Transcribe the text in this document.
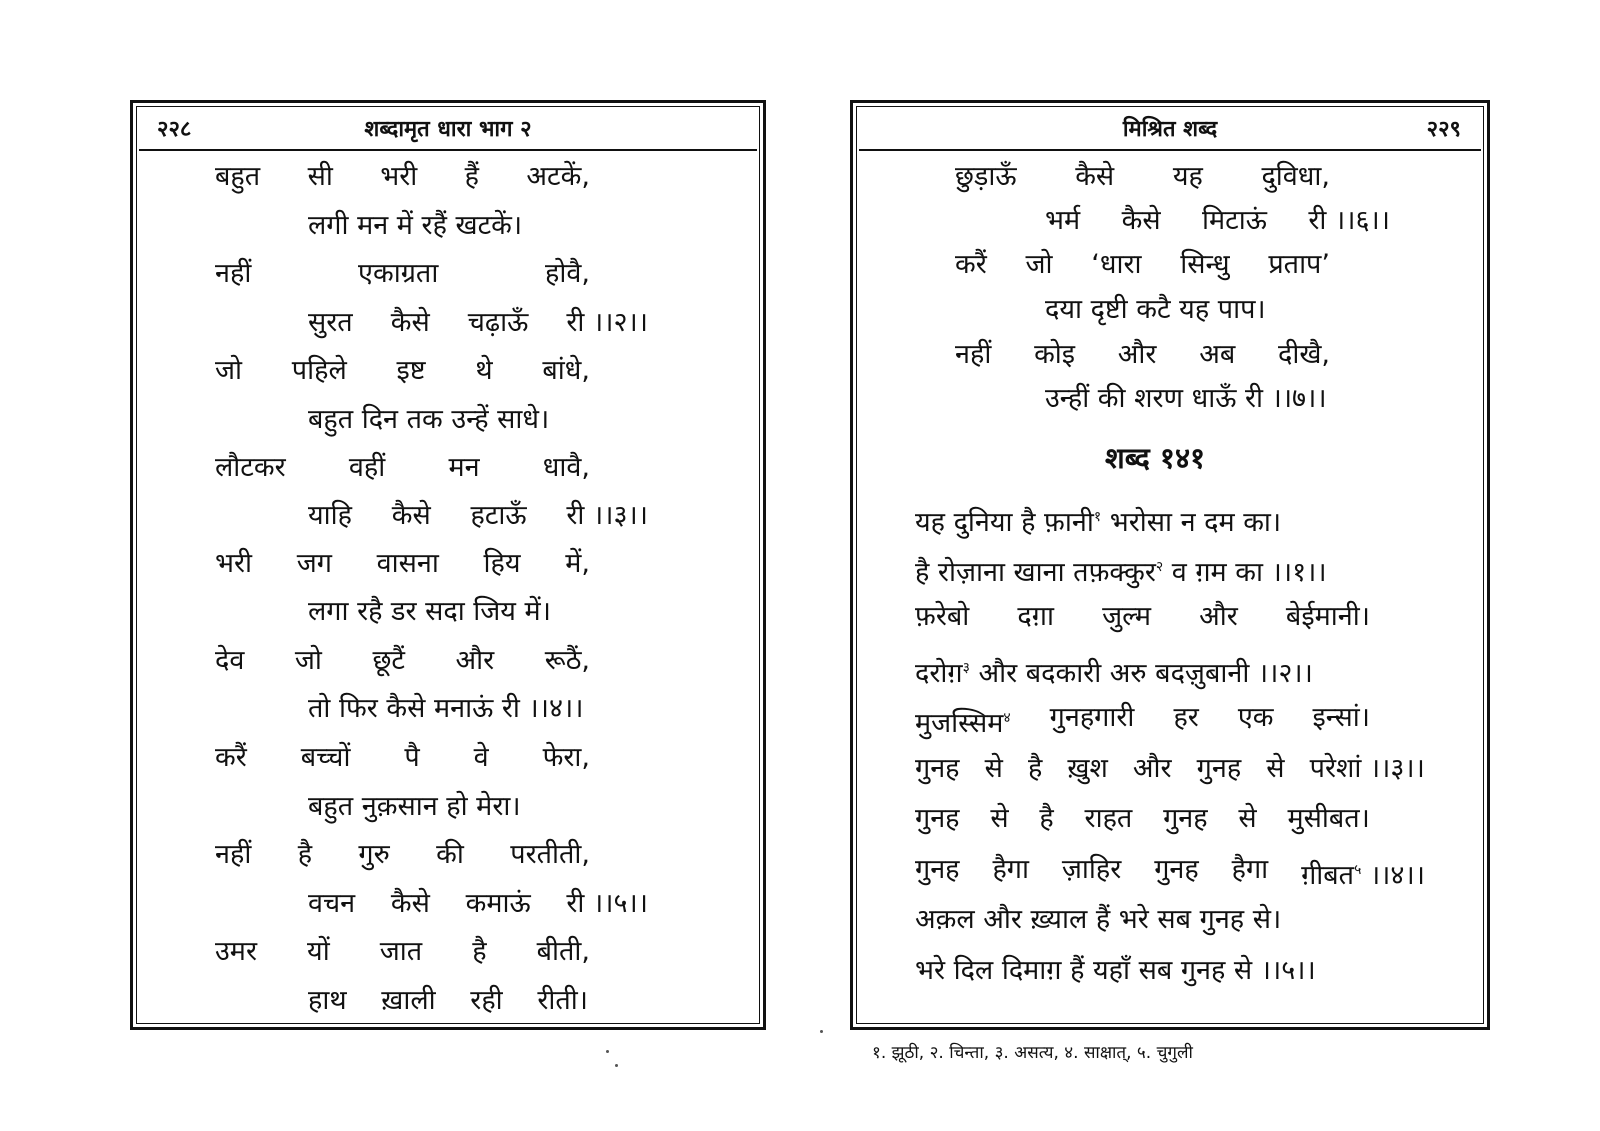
२२८	शब्दामृत धारा भाग २	मिश्रित शब्द	२२९
बहुत सी भरी हैं अटकें,
लगी मन में रहैं खटकें।
नहीं	एकाग्रता	होवै,
सुरत कैसे चढ़ाऊँ री ।।२।।
जो पहिले इष्ट थे बांधे,
बहुत दिन तक उन्हें साधे।
लौटकर वहीं मन धावै,
याहि कैसे हटाऊँ री ।।३।।
भरी जग वासना हिय में,
लगा रहै डर सदा जिय में।
देव जो छूटैं और रूठैं,
तो फिर कैसे मनाऊं री ।।४।।
करैं बच्चों पै वे फेरा,
बहुत नुक़सान हो मेरा।
नहीं है गुरु की परतीती,
वचन कैसे कमाऊं री ।।५।।
उमर यों जात है बीती,
हाथ ख़ाली रही रीती।
छुड़ाऊँ कैसे यह दुविधा,
भर्म कैसे मिटाऊं री ।।६।।
करैं जो ‘धारा सिन्धु प्रताप’
दया दृष्टी कटै यह पाप।
नहीं कोइ और अब दीखै,
उन्हीं की शरण धाऊँ री ।।७।।
शब्द १४१
यह दुनिया है फ़ानी$^१$ भरोसा न दम का।
है रोज़ाना खाना तफ़क्कुर$^२$ व ग़म का ।।१।।
फ़रेबो दग़ा जुल्म और बेईमानी।
दरोग़$^३$ और बदकारी अरु बदज़ुबानी ।।२।।
मुजस्सिम$^४$ गुनहगारी हर एक इन्सां।
गुनह से है ख़ुश और गुनह से परेशां ।।३।।
गुनह से है राहत गुनह से मुसीबत।
गुनह हैगा ज़ाहिर गुनह हैगा ग़ीबत$^५$ ।।४।।
अक़ल और ख़्याल हैं भरे सब गुनह से।
भरे दिल दिमाग़ हैं यहाँ सब गुनह से ।।५।।
१. झूठी, २. चिन्ता, ३. असत्य, ४. साक्षात्, ५. चुगुली
